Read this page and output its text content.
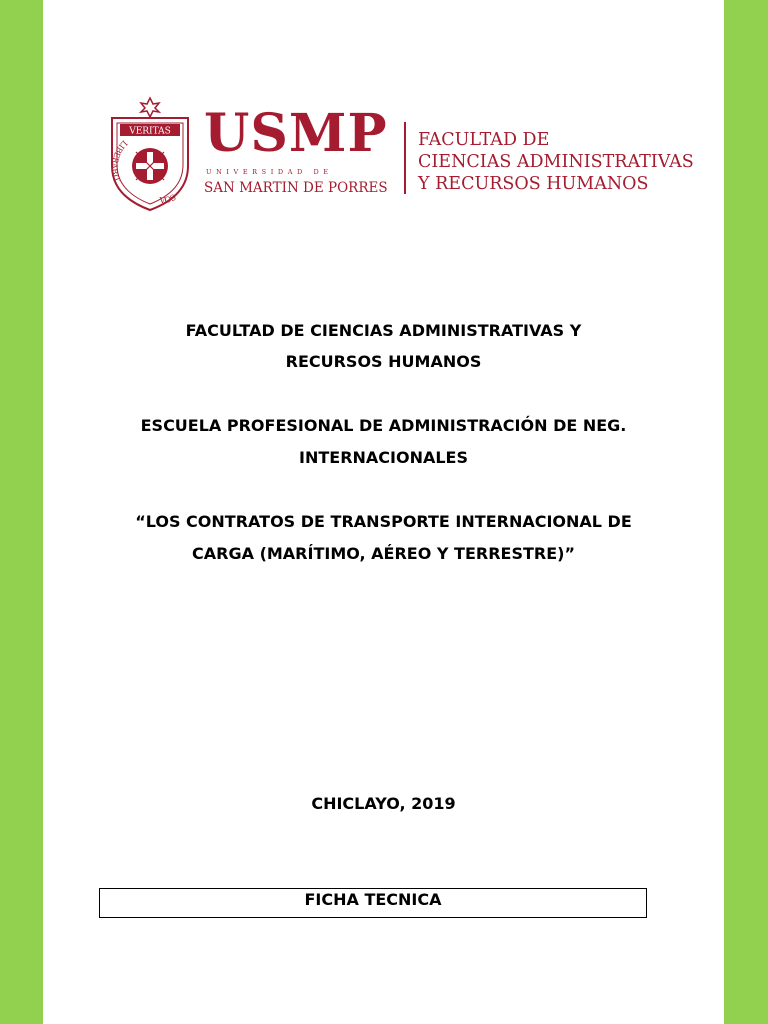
VERITAS
LIBERABIT
VOS

USMP

UNIVERSIDAD DE

SAN MARTIN DE PORRES

FACULTAD DE

CIENCIAS ADMINISTRATIVAS

Y RECURSOS HUMANOS

FACULTAD DE CIENCIAS ADMINISTRATIVAS Y

RECURSOS HUMANOS

ESCUELA PROFESIONAL DE ADMINISTRACIÓN DE NEG.

INTERNACIONALES

“LOS CONTRATOS DE TRANSPORTE INTERNACIONAL DE

CARGA (MARÍTIMO, AÉREO Y TERRESTRE)”

CHICLAYO, 2019

FICHA TECNICA
